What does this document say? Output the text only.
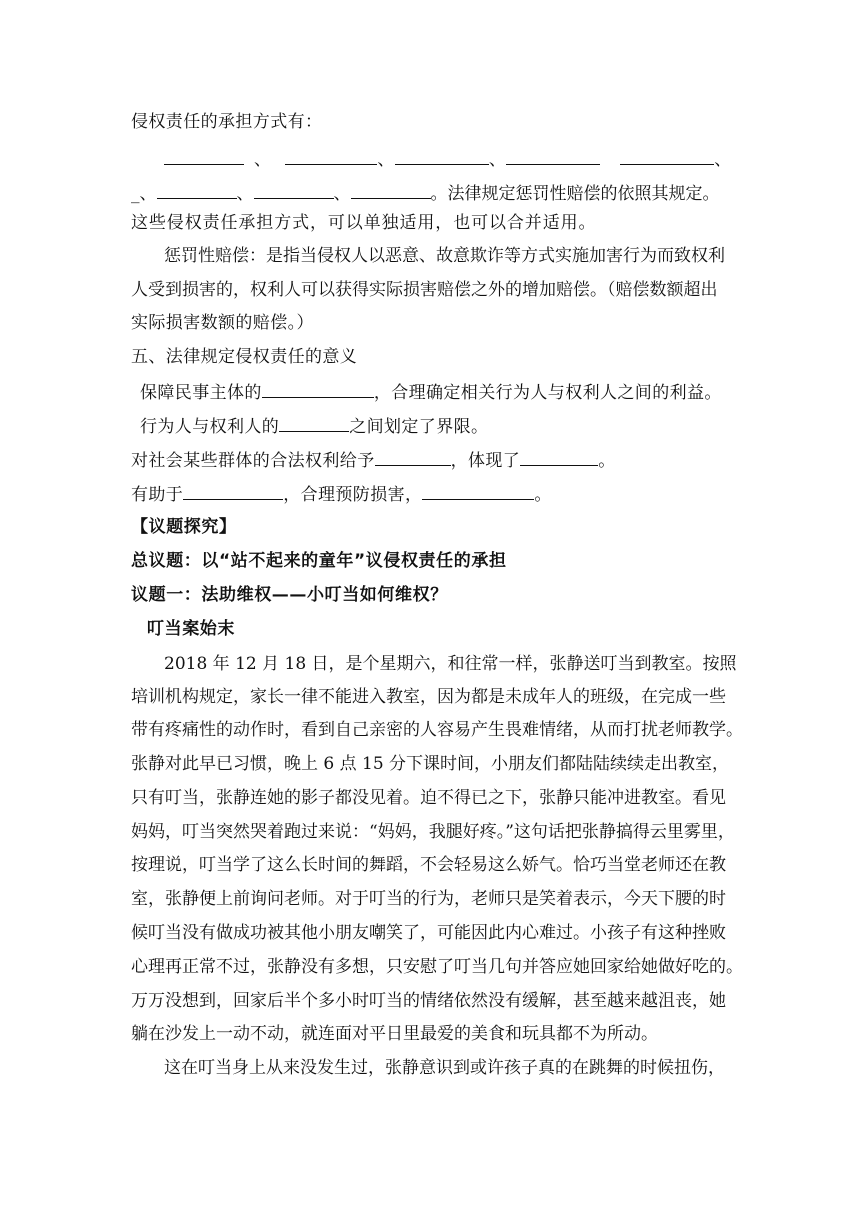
侵权责任的承担方式有：
、	、	、	、
_、	、	、	。法律规定惩罚性赔偿的依照其规定。
这些侵权责任承担方式，可以单独适用，也可以合并适用。
惩罚性赔偿：是指当侵权人以恶意、故意欺诈等方式实施加害行为而致权利
人受到损害的，权利人可以获得实际损害赔偿之外的增加赔偿。（赔偿数额超出
实际损害数额的赔偿。）
五、法律规定侵权责任的意义
保障民事主体的	，合理确定相关行为人与权利人之间的利益。
行为人与权利人的	之间划定了界限。
对社会某些群体的合法权利给予	，体现了	。
有助于	，合理预防损害，	。
【议题探究】
总议题：以“站不起来的童年”议侵权责任的承担
议题一：法助维权——小叮当如何维权？
叮当案始末
2018 年 12 月 18 日，是个星期六，和往常一样，张静送叮当到教室。按照
培训机构规定，家长一律不能进入教室，因为都是未成年人的班级，在完成一些
带有疼痛性的动作时，看到自己亲密的人容易产生畏难情绪，从而打扰老师教学。
张静对此早已习惯，晚上 6 点 15 分下课时间，小朋友们都陆陆续续走出教室，
只有叮当，张静连她的影子都没见着。迫不得已之下，张静只能冲进教室。看见
妈妈，叮当突然哭着跑过来说：“妈妈，我腿好疼。”这句话把张静搞得云里雾里，
按理说，叮当学了这么长时间的舞蹈，不会轻易这么娇气。恰巧当堂老师还在教
室，张静便上前询问老师。对于叮当的行为，老师只是笑着表示，今天下腰的时
候叮当没有做成功被其他小朋友嘲笑了，可能因此内心难过。小孩子有这种挫败
心理再正常不过，张静没有多想，只安慰了叮当几句并答应她回家给她做好吃的。
万万没想到，回家后半个多小时叮当的情绪依然没有缓解，甚至越来越沮丧，她
躺在沙发上一动不动，就连面对平日里最爱的美食和玩具都不为所动。
这在叮当身上从来没发生过，张静意识到或许孩子真的在跳舞的时候扭伤，
